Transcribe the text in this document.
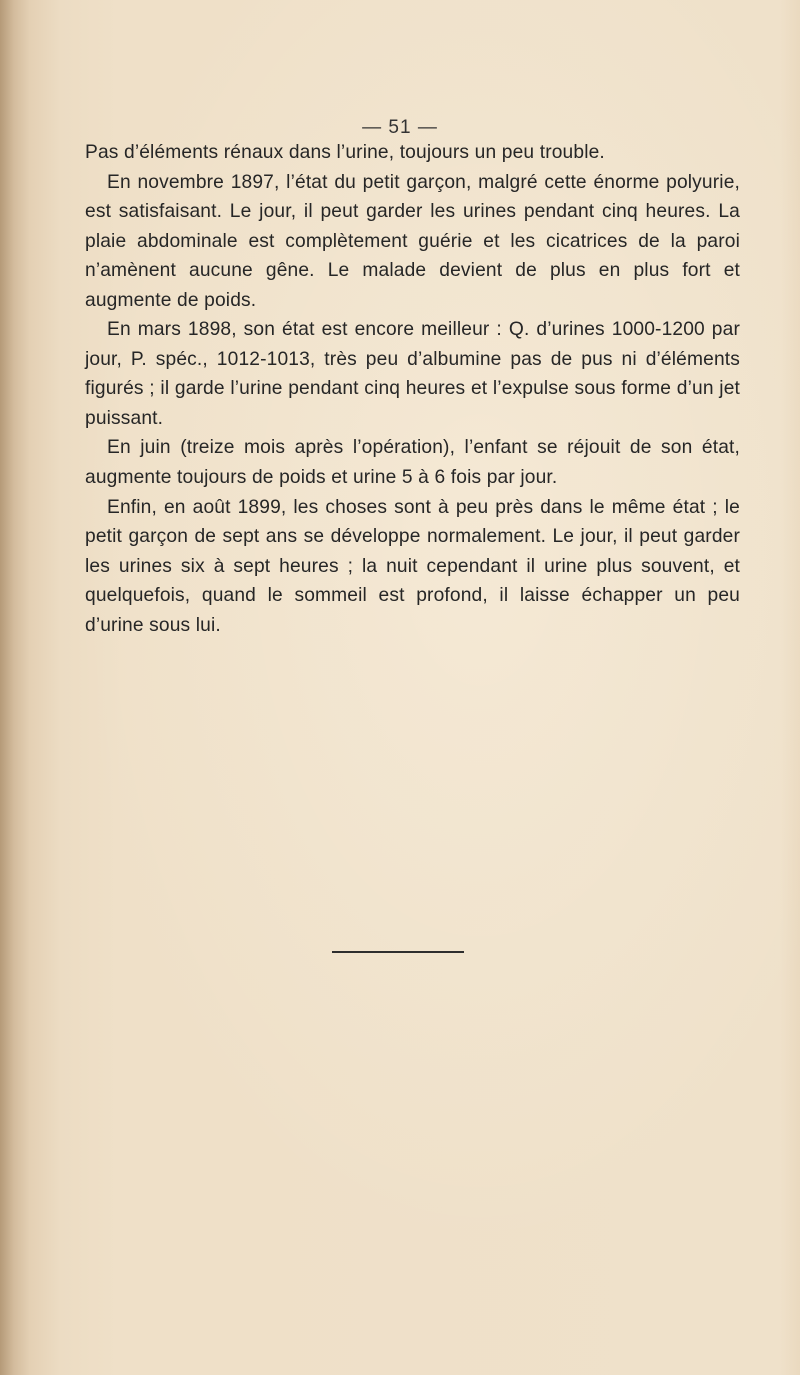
— 51 —

Pas d’éléments rénaux dans l’urine, toujours un peu trouble.

En novembre 1897, l’état du petit garçon, malgré cette énorme polyurie, est satisfaisant. Le jour, il peut garder les urines pendant cinq heures. La plaie abdominale est complètement guérie et les cicatrices de la paroi n’amènent aucune gêne. Le malade devient de plus en plus fort et augmente de poids.

En mars 1898, son état est encore meilleur : Q. d’urines 1000-1200 par jour, P. spéc., 1012-1013, très peu d’albumine pas de pus ni d’éléments figurés ; il garde l’urine pendant cinq heures et l’expulse sous forme d’un jet puissant.

En juin (treize mois après l’opération), l’enfant se réjouit de son état, augmente toujours de poids et urine 5 à 6 fois par jour.

Enfin, en août 1899, les choses sont à peu près dans le même état ; le petit garçon de sept ans se développe normalement. Le jour, il peut garder les urines six à sept heures ; la nuit cependant il urine plus souvent, et quelquefois, quand le sommeil est profond, il laisse échapper un peu d’urine sous lui.
